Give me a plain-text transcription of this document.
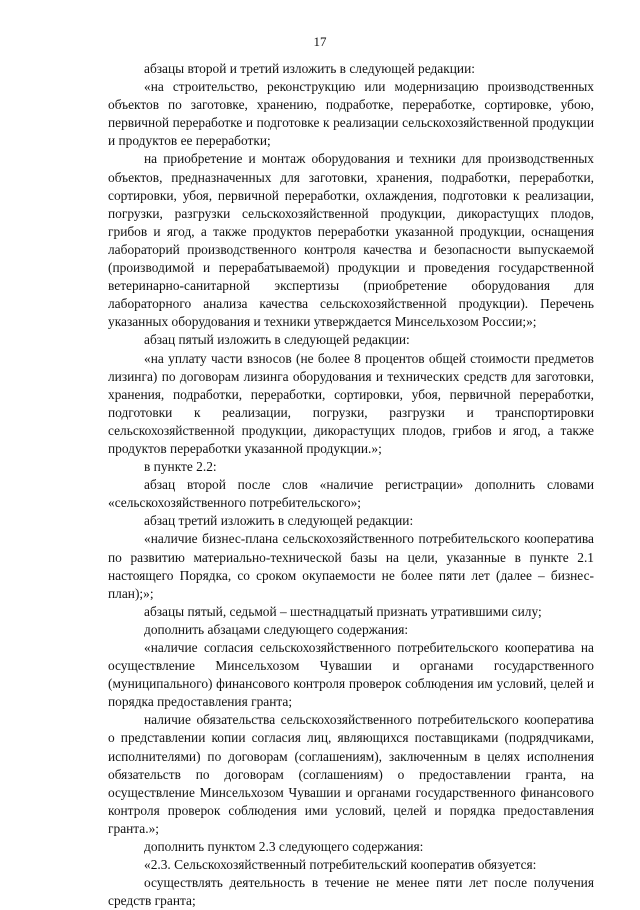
17

абзацы второй и третий изложить в следующей редакции:

«на строительство, реконструкцию или модернизацию производственных объектов по заготовке, хранению, подработке, переработке, сортировке, убою, первичной переработке и подготовке к реализации сельскохозяйственной продукции и продуктов ее переработки;

на приобретение и монтаж оборудования и техники для производственных объектов, предназначенных для заготовки, хранения, подработки, переработки, сортировки, убоя, первичной переработки, охлаждения, подготовки к реализации, погрузки, разгрузки сельскохозяйственной продукции, дикорастущих плодов, грибов и ягод, а также продуктов переработки указанной продукции, оснащения лабораторий производственного контроля качества и безопасности выпускаемой (производимой и перерабатываемой) продукции и проведения государственной ветеринарно-санитарной экспертизы (приобретение оборудования для лабораторного анализа качества сельскохозяйственной продукции). Перечень указанных оборудования и техники утверждается Минсельхозом России;»;

абзац пятый изложить в следующей редакции:

«на уплату части взносов (не более 8 процентов общей стоимости предметов лизинга) по договорам лизинга оборудования и технических средств для заготовки, хранения, подработки, переработки, сортировки, убоя, первичной переработки, подготовки к реализации, погрузки, разгрузки и транспортировки сельскохозяйственной продукции, дикорастущих плодов, грибов и ягод, а также продуктов переработки указанной продукции.»;

в пункте 2.2:

абзац второй после слов «наличие регистрации» дополнить словами «сельскохозяйственного потребительского»;

абзац третий изложить в следующей редакции:

«наличие бизнес-плана сельскохозяйственного потребительского кооператива по развитию материально-технической базы на цели, указанные в пункте 2.1 настоящего Порядка, со сроком окупаемости не более пяти лет (далее – бизнес-план);»;

абзацы пятый, седьмой – шестнадцатый признать утратившими силу;

дополнить абзацами следующего содержания:

«наличие согласия сельскохозяйственного потребительского кооператива на осуществление Минсельхозом Чувашии и органами государственного (муниципального) финансового контроля проверок соблюдения им условий, целей и порядка предоставления гранта;

наличие обязательства сельскохозяйственного потребительского кооператива о представлении копии согласия лиц, являющихся поставщиками (подрядчиками, исполнителями) по договорам (соглашениям), заключенным в целях исполнения обязательств по договорам (соглашениям) о предоставлении гранта, на осуществление Минсельхозом Чувашии и органами государственного финансового контроля проверок соблюдения ими условий, целей и порядка предоставления гранта.»;

дополнить пунктом 2.3 следующего содержания:

«2.3. Сельскохозяйственный потребительский кооператив обязуется:

осуществлять деятельность в течение не менее пяти лет после получения средств гранта;
